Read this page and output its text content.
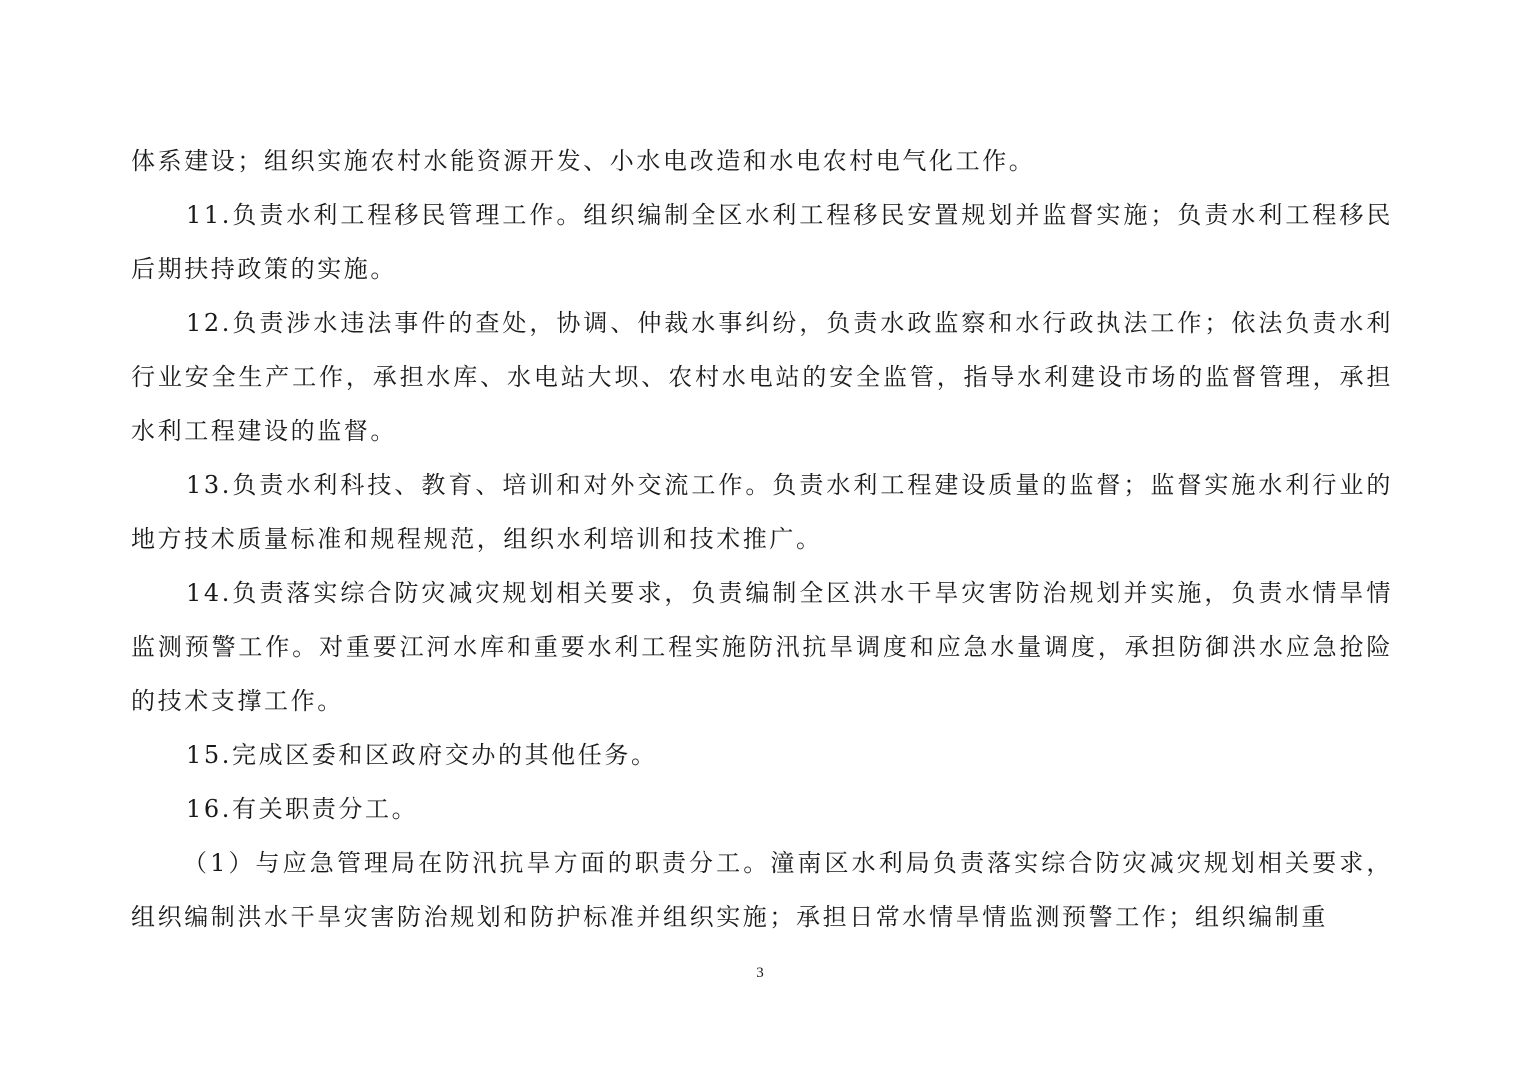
体系建设；组织实施农村水能资源开发、小水电改造和水电农村电气化工作。

11.负责水利工程移民管理工作。组织编制全区水利工程移民安置规划并监督实施；负责水利工程移民后期扶持政策的实施。

12.负责涉水违法事件的查处，协调、仲裁水事纠纷，负责水政监察和水行政执法工作；依法负责水利行业安全生产工作，承担水库、水电站大坝、农村水电站的安全监管，指导水利建设市场的监督管理，承担水利工程建设的监督。

13.负责水利科技、教育、培训和对外交流工作。负责水利工程建设质量的监督；监督实施水利行业的地方技术质量标准和规程规范，组织水利培训和技术推广。

14.负责落实综合防灾减灾规划相关要求，负责编制全区洪水干旱灾害防治规划并实施，负责水情旱情监测预警工作。对重要江河水库和重要水利工程实施防汛抗旱调度和应急水量调度，承担防御洪水应急抢险的技术支撑工作。

15.完成区委和区政府交办的其他任务。

16.有关职责分工。

（1）与应急管理局在防汛抗旱方面的职责分工。潼南区水利局负责落实综合防灾减灾规划相关要求，组织编制洪水干旱灾害防治规划和防护标准并组织实施；承担日常水情旱情监测预警工作；组织编制重

3
